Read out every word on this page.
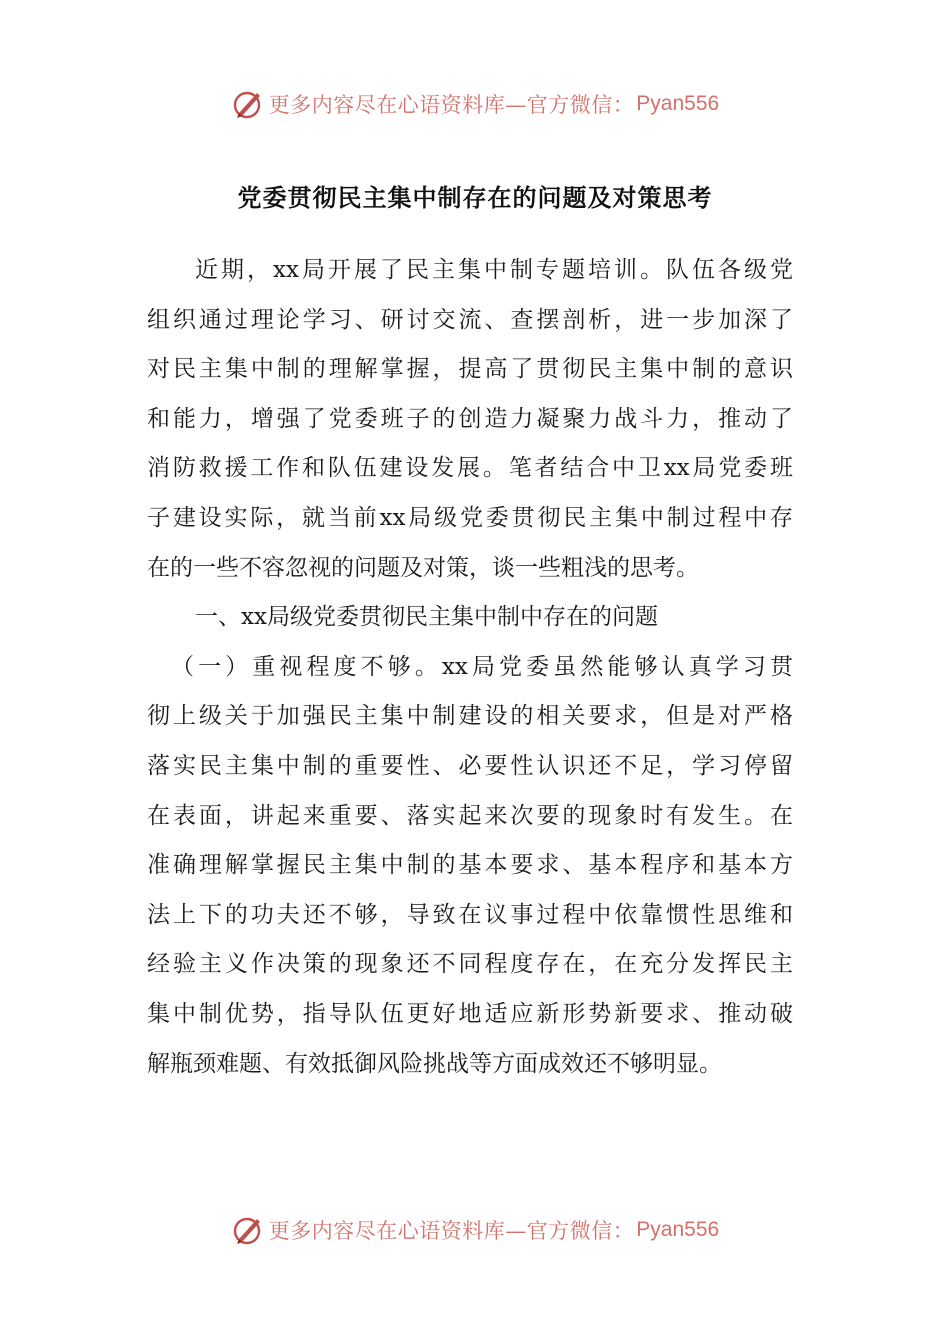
更多内容尽在心语资料库—官方微信： Pyan556
党委贯彻民主集中制存在的问题及对策思考
近期，xx局开展了民主集中制专题培训。队伍各级党
组织通过理论学习、研讨交流、查摆剖析，进一步加深了
对民主集中制的理解掌握，提高了贯彻民主集中制的意识
和能力，增强了党委班子的创造力凝聚力战斗力，推动了
消防救援工作和队伍建设发展。笔者结合中卫xx局党委班
子建设实际，就当前xx局级党委贯彻民主集中制过程中存
在的一些不容忽视的问题及对策，谈一些粗浅的思考。
一、xx局级党委贯彻民主集中制中存在的问题
（一）重视程度不够。xx局党委虽然能够认真学习贯
彻上级关于加强民主集中制建设的相关要求，但是对严格
落实民主集中制的重要性、必要性认识还不足，学习停留
在表面，讲起来重要、落实起来次要的现象时有发生。在
准确理解掌握民主集中制的基本要求、基本程序和基本方
法上下的功夫还不够，导致在议事过程中依靠惯性思维和
经验主义作决策的现象还不同程度存在，在充分发挥民主
集中制优势，指导队伍更好地适应新形势新要求、推动破
解瓶颈难题、有效抵御风险挑战等方面成效还不够明显。
更多内容尽在心语资料库—官方微信： Pyan556
